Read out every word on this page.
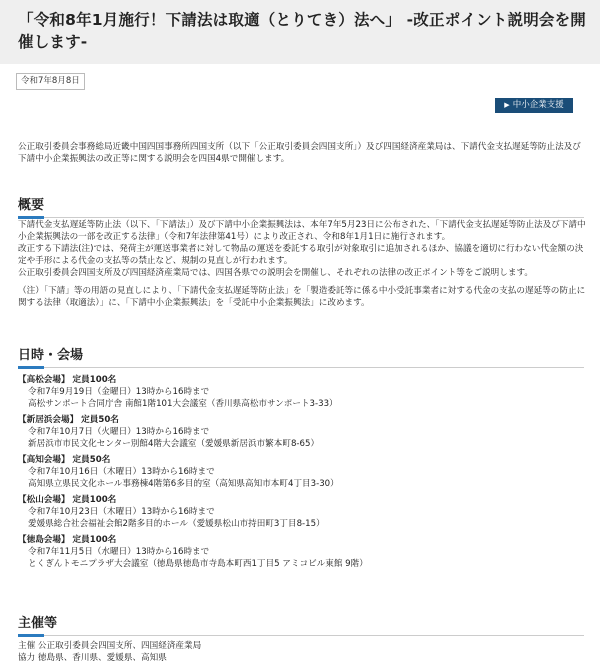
「令和8年1月施行！下請法は取適（とりてき）法へ」 -改正ポイント説明会を開催します-
令和7年8月8日
▶ 中小企業支援
公正取引委員会事務総局近畿中国四国事務所四国支所（以下「公正取引委員会四国支所」）及び四国経済産業局は、下請代金支払遅延等防止法及び下請中小企業振興法の改正等に関する説明会を四国4県で開催します。
概要

下請代金支払遅延等防止法（以下、「下請法」）及び下請中小企業振興法は、本年7年5月23日に公布された、「下請代金支払遅延等防止法及び下請中小企業振興法の一部を改正する法律」（令和7年法律第41号）により改正され、令和8年1月1日に施行されます。

改正する下請法(注)では、発荷主が運送事業者に対して物品の運送を委託する取引が対象取引に追加されるほか、協議を適切に行わない代金額の決定や手形による代金の支払等の禁止など、規制の見直しが行われます。

公正取引委員会四国支所及び四国経済産業局では、四国各県での説明会を開催し、それぞれの法律の改正ポイント等をご説明します。

（注）「下請」等の用語の見直しにより、「下請代金支払遅延等防止法」を「製造委託等に係る中小受託事業者に対する代金の支払の遅延等の防止に関する法律（取適法）」に、「下請中小企業振興法」を「受託中小企業振興法」に改めます。

日時・会場
【高松会場】 定員100名
令和7年9月19日（金曜日）13時から16時まで
高松サンポート合同庁舎 南館1階101大会議室（香川県高松市サンポート3-33）
【新居浜会場】 定員50名
令和7年10月7日（火曜日）13時から16時まで
新居浜市市民文化センター別館4階大会議室（愛媛県新居浜市繁本町8-65）
【高知会場】 定員50名
令和7年10月16日（木曜日）13時から16時まで
高知県立県民文化ホール事務棟4階第6多目的室（高知県高知市本町4丁目3-30）
【松山会場】 定員100名
令和7年10月23日（木曜日）13時から16時まで
愛媛県総合社会福祉会館2階多目的ホール（愛媛県松山市持田町3丁目8-15）
【徳島会場】 定員100名
令和7年11月5日（水曜日）13時から16時まで
とくぎんトモニプラザ大会議室（徳島県徳島市寺島本町西1丁目5 アミコビル東館 9階）
主催等
主催 公正取引委員会四国支所、四国経済産業局
協力 徳島県、香川県、愛媛県、高知県
